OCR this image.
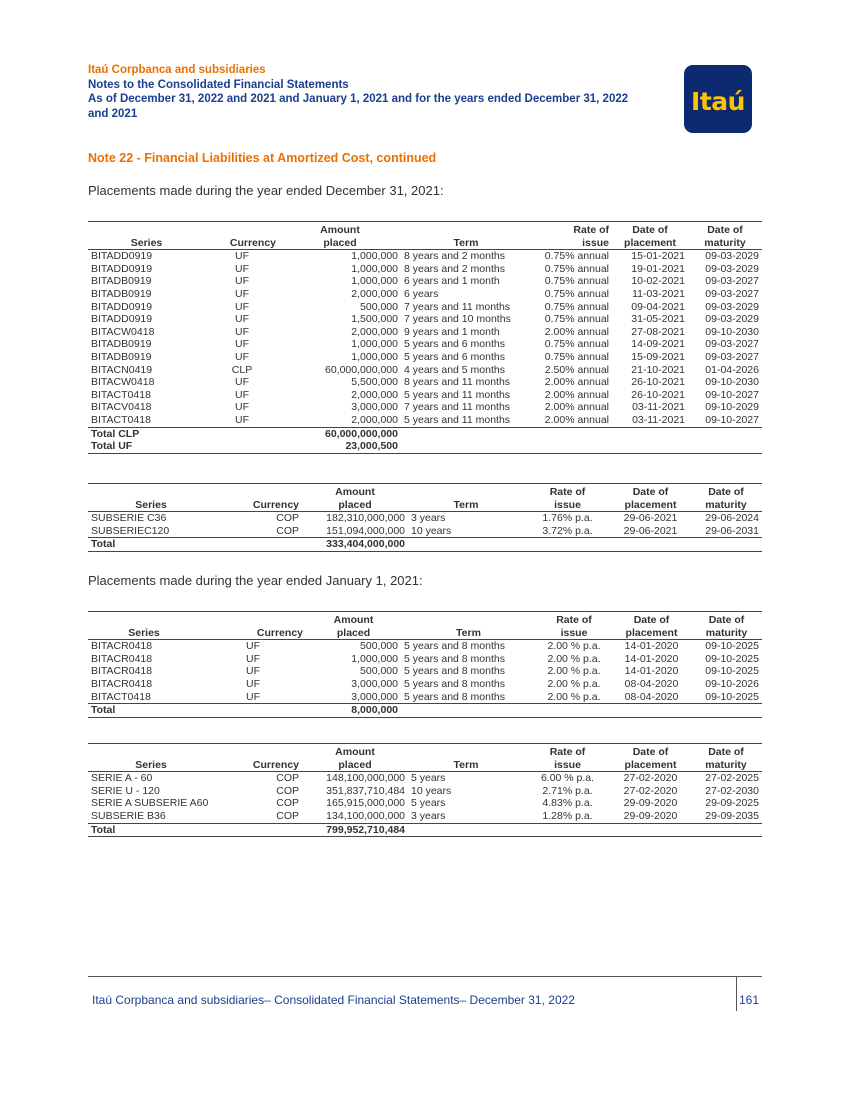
Itaú Corpbanca and subsidiaries
Notes to the Consolidated Financial Statements
As of December 31, 2022 and 2021 and January 1, 2021 and for the years ended December 31, 2022
and 2021	Itaú
Note 22 - Financial Liabilities at Amortized Cost, continued
Placements made during the year ended December 31, 2021:
		Amount		Rate of	Date of	Date of
Series	Currency	placed	Term	issue	placement	maturity
BITADD0919	UF	1,000,000	8 years and 2 months	0.75% annual	15-01-2021	09-03-2029
BITADD0919	UF	1,000,000	8 years and 2 months	0.75% annual	19-01-2021	09-03-2029
BITADB0919	UF	1,000,000	6 years and 1 month	0.75% annual	10-02-2021	09-03-2027
BITADB0919	UF	2,000,000	6 years	0.75% annual	11-03-2021	09-03-2027
BITADD0919	UF	500,000	7 years and 11 months	0.75% annual	09-04-2021	09-03-2029
BITADD0919	UF	1,500,000	7 years and 10 months	0.75% annual	31-05-2021	09-03-2029
BITACW0418	UF	2,000,000	9 years and 1 month	2.00% annual	27-08-2021	09-10-2030
BITADB0919	UF	1,000,000	5 years and 6 months	0.75% annual	14-09-2021	09-03-2027
BITADB0919	UF	1,000,000	5 years and 6 months	0.75% annual	15-09-2021	09-03-2027
BITACN0419	CLP	60,000,000,000	4 years and 5 months	2.50% annual	21-10-2021	01-04-2026
BITACW0418	UF	5,500,000	8 years and 11 months	2.00% annual	26-10-2021	09-10-2030
BITACT0418	UF	2,000,000	5 years and 11 months	2.00% annual	26-10-2021	09-10-2027
BITACV0418	UF	3,000,000	7 years and 11 months	2.00% annual	03-11-2021	09-10-2029
BITACT0418	UF	2,000,000	5 years and 11 months	2.00% annual	03-11-2021	09-10-2027
Total CLP		60,000,000,000				
Total UF		23,000,500				
		Amount		Rate of	Date of	Date of
Series	Currency	placed	Term	issue	placement	maturity
SUBSERIE C36	COP	182,310,000,000	3 years	1.76% p.a.	29-06-2021	29-06-2024
SUBSERIEC120	COP	151,094,000,000	10 years	3.72% p.a.	29-06-2021	29-06-2031
Total		333,404,000,000				
Placements made during the year ended January 1, 2021:
		Amount		Rate of	Date of	Date of
Series	Currency	placed	Term	issue	placement	maturity
BITACR0418	UF	500,000	5 years and 8 months	2.00 % p.a.	14-01-2020	09-10-2025
BITACR0418	UF	1,000,000	5 years and 8 months	2.00 % p.a.	14-01-2020	09-10-2025
BITACR0418	UF	500,000	5 years and 8 months	2.00 % p.a.	14-01-2020	09-10-2025
BITACR0418	UF	3,000,000	5 years and 8 months	2.00 % p.a.	08-04-2020	09-10-2026
BITACT0418	UF	3,000,000	5 years and 8 months	2.00 % p.a.	08-04-2020	09-10-2025
Total		8,000,000				
		Amount		Rate of	Date of	Date of
Series	Currency	placed	Term	issue	placement	maturity
SERIE A - 60	COP	148,100,000,000	5 years	6.00 % p.a.	27-02-2020	27-02-2025
SERIE U - 120	COP	351,837,710,484	10 years	2.71% p.a.	27-02-2020	27-02-2030
SERIE A SUBSERIE A60	COP	165,915,000,000	5 years	4.83% p.a.	29-09-2020	29-09-2025
SUBSERIE B36	COP	134,100,000,000	3 years	1.28% p.a.	29-09-2020	29-09-2035
Total		799,952,710,484				
Itaú Corpbanca and subsidiaries– Consolidated Financial Statements– December 31, 2022	161
